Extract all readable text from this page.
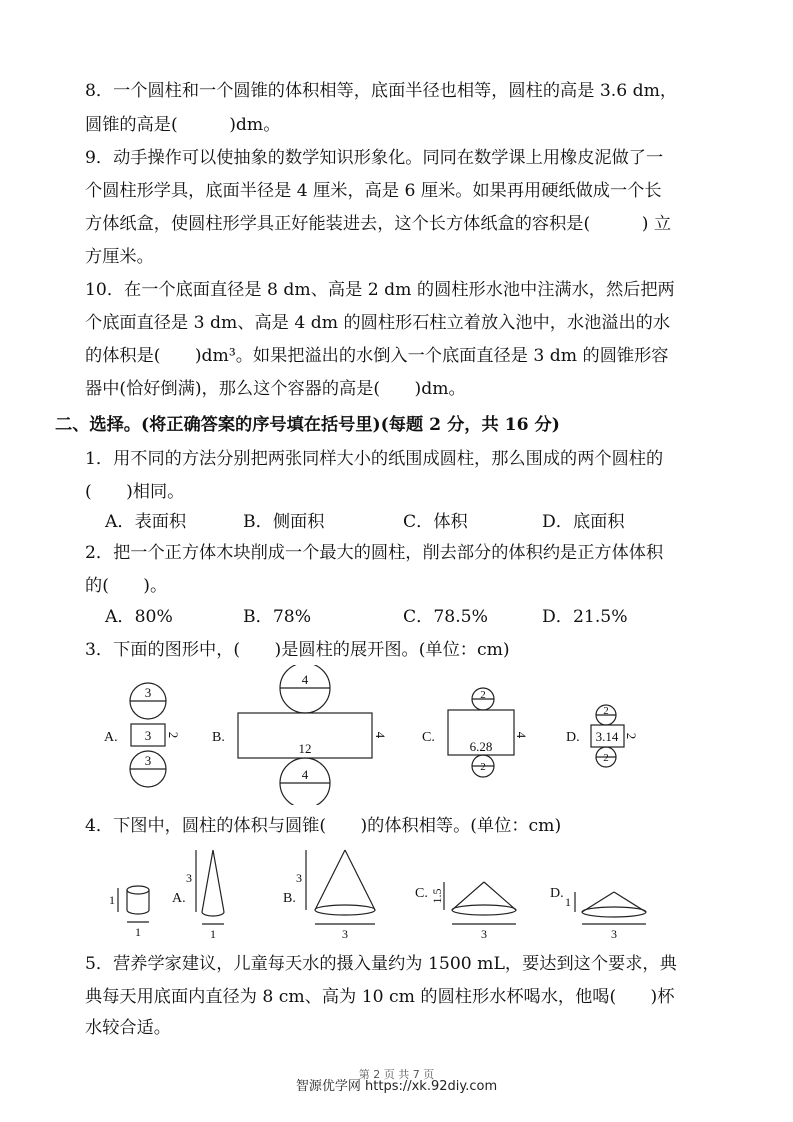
8．一个圆柱和一个圆锥的体积相等，底面半径也相等，圆柱的高是 3.6 dm，
圆锥的高是(　　　)dm。
9．动手操作可以使抽象的数学知识形象化。同同在数学课上用橡皮泥做了一
个圆柱形学具，底面半径是 4 厘米，高是 6 厘米。如果再用硬纸做成一个长
方体纸盒，使圆柱形学具正好能装进去，这个长方体纸盒的容积是(　　　) 立
方厘米。
10．在一个底面直径是 8 dm、高是 2 dm 的圆柱形水池中注满水，然后把两
个底面直径是 3 dm、高是 4 dm 的圆柱形石柱立着放入池中，水池溢出的水
的体积是(　　)dm³。如果把溢出的水倒入一个底面直径是 3 dm 的圆锥形容
器中(恰好倒满)，那么这个容器的高是(　　)dm。
二、选择。(将正确答案的序号填在括号里)(每题 2 分，共 16 分)
1．用不同的方法分别把两张同样大小的纸围成圆柱，那么围成的两个圆柱的
(　　)相同。
A．表面积	B．侧面积	C．体积	D．底面积
2．把一个正方体木块削成一个最大的圆柱，削去部分的体积约是正方体体积
的(　　)。
A．80%	B．78%	C．78.5%	D．21.5%
3．下面的图形中，(　　)是圆柱的展开图。(单位：cm)
A.
3
3 2
3
B.
4
12
4
4
C.
2
6.28
4
2
D.
2
3.14 2
2
4．下图中，圆柱的体积与圆锥(　　)的体积相等。(单位：cm)
1
1
A.
3
1
B.
3
3
C. 1.5
3
D.
1
3
5．营养学家建议，儿童每天水的摄入量约为 1500 mL，要达到这个要求，典
典每天用底面内直径为 8 cm、高为 10 cm 的圆柱形水杯喝水，他喝(　　)杯
水较合适。
第 2 页 共 7 页
智源优学网 https://xk.92diy.com
